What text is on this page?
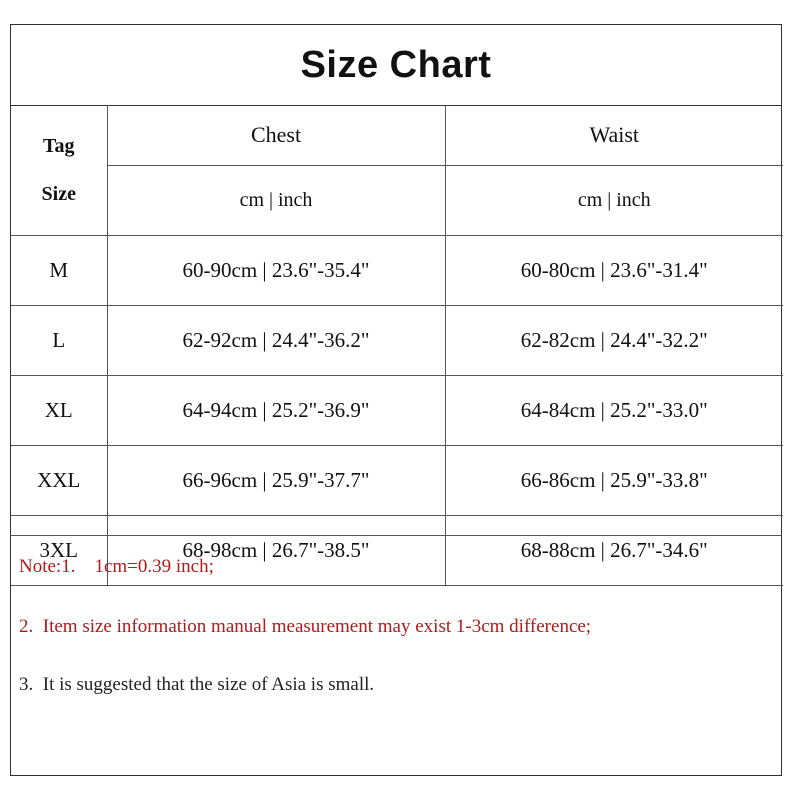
Size Chart
Tag
Size	Chest	Waist
	cm | inch	cm | inch
M	60-90cm | 23.6"-35.4"	60-80cm | 23.6"-31.4"
L	62-92cm | 24.4"-36.2"	62-82cm | 24.4"-32.2"
XL	64-94cm | 25.2"-36.9"	64-84cm | 25.2"-33.0"
XXL	66-96cm | 25.9"-37.7"	66-86cm | 25.9"-33.8"
3XL	68-98cm | 26.7"-38.5"	68-88cm | 26.7"-34.6"
Note:1.    1cm=0.39 inch;
2.  Item size information manual measurement may exist 1-3cm difference;
3.  It is suggested that the size of Asia is small.
